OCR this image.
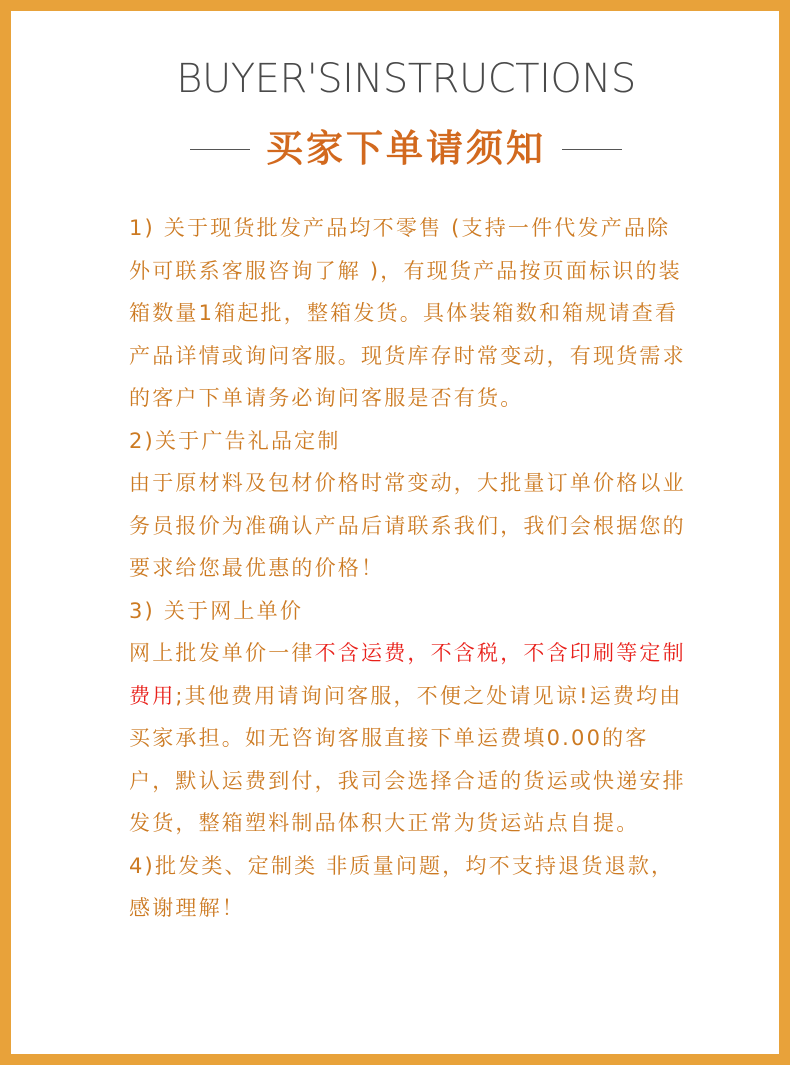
BUYER'SINSTRUCTIONS
买家下单请须知

1) 关于现货批发产品均不零售 (支持一件代发产品除外可联系客服咨询了解 )，有现货产品按页面标识的装箱数量1箱起批，整箱发货。具体装箱数和箱规请查看产品详情或询问客服。现货库存时常变动，有现货需求的客户下单请务必询问客服是否有货。

2)关于广告礼品定制

由于原材料及包材价格时常变动，大批量订单价格以业务员报价为准确认产品后请联系我们，我们会根据您的要求给您最优惠的价格！

3) 关于网上单价

网上批发单价一律不含运费，不含税，不含印刷等定制费用;其他费用请询问客服，不便之处请见谅!运费均由买家承担。如无咨询客服直接下单运费填0.00的客户，默认运费到付，我司会选择合适的货运或快递安排发货，整箱塑料制品体积大正常为货运站点自提。

4)批发类、定制类 非质量问题，均不支持退货退款，感谢理解！
